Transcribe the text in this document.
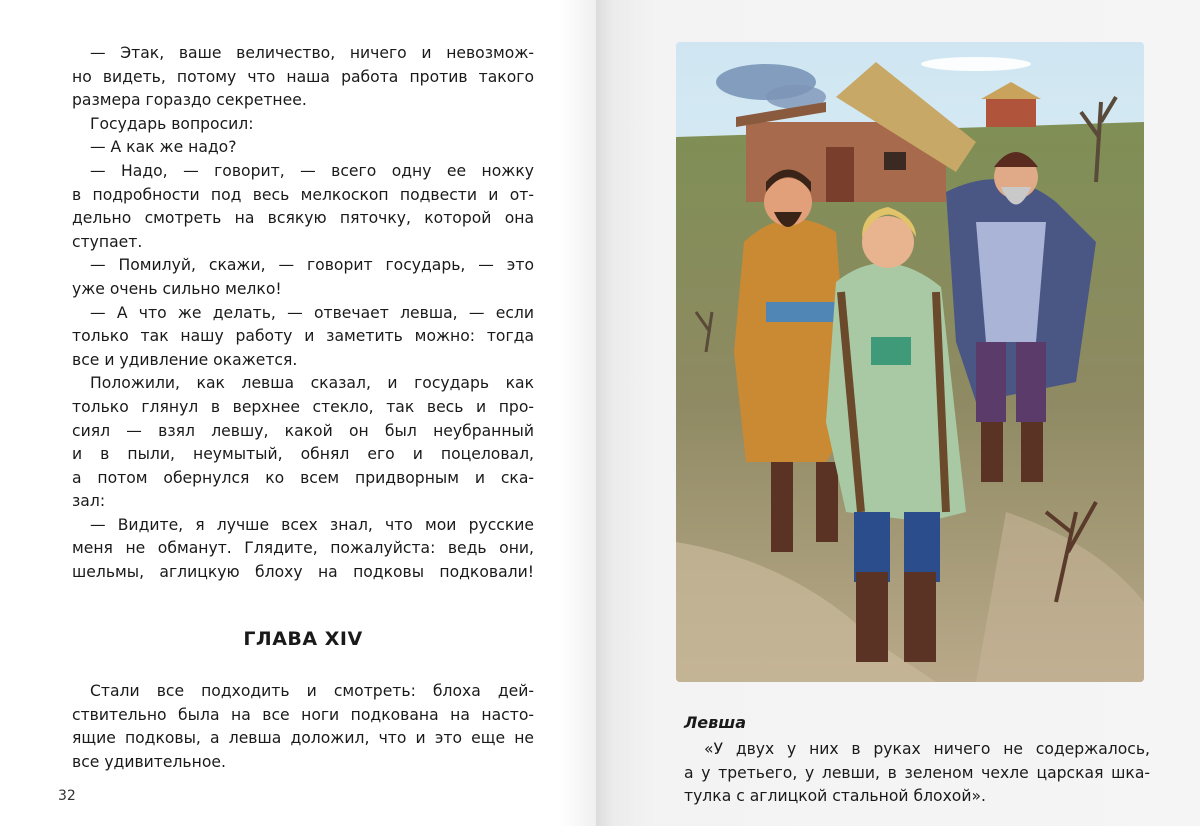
— Этак, ваше величество, ничего и невозмож-
но видеть, потому что наша работа против такого
размера гораздо секретнее.
Государь вопросил:
— А как же надо?
— Надо, — говорит, — всего одну ее ножку
в подробности под весь мелкоскоп подвести и от-
дельно смотреть на всякую пяточку, которой она
ступает.
— Помилуй, скажи, — говорит государь, — это
уже очень сильно мелко!
— А что же делать, — отвечает левша, — если
только так нашу работу и заметить можно: тогда
все и удивление окажется.
Положили, как левша сказал, и государь как
только глянул в верхнее стекло, так весь и про-
сиял — взял левшу, какой он был неубранный
и в пыли, неумытый, обнял его и поцеловал,
а потом обернулся ко всем придворным и ска-
зал:
— Видите, я лучше всех знал, что мои русские
меня не обманут. Глядите, пожалуйста: ведь они,
шельмы, аглицкую блоху на подковы подковали!
ГЛАВА XIV
Стали все подходить и смотреть: блоха дей-
ствительно была на все ноги подкована на насто-
ящие подковы, а левша доложил, что и это еще не
все удивительное.
32
Левша
«У двух у них в руках ничего не содержалось,
а у третьего, у левши, в зеленом чехле царская шка-
тулка с аглицкой стальной блохой».
